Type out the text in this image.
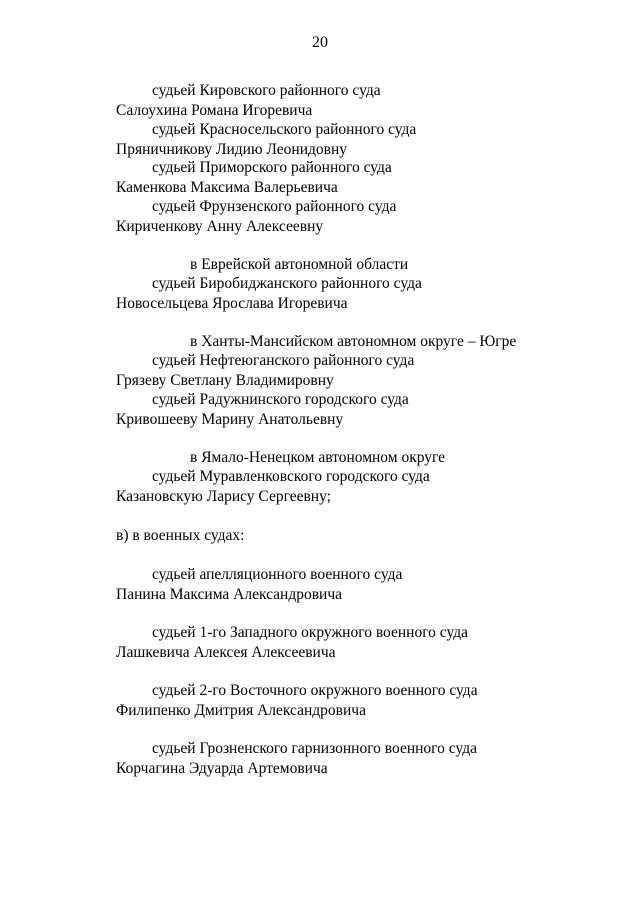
20
судьей Кировского районного суда
Салоухина Романа Игоревича
судьей Красносельского районного суда
Пряничникову Лидию Леонидовну
судьей Приморского районного суда
Каменкова Максима Валерьевича
судьей Фрунзенского районного суда
Кириченкову Анну Алексеевну
в Еврейской автономной области
судьей Биробиджанского районного суда
Новосельцева Ярослава Игоревича
в Ханты-Мансийском автономном округе – Югре
судьей Нефтеюганского районного суда
Грязеву Светлану Владимировну
судьей Радужнинского городского суда
Кривошееву Марину Анатольевну
в Ямало-Ненецком автономном округе
судьей Муравленковского городского суда
Казановскую Ларису Сергеевну;
в) в военных судах:
судьей апелляционного военного суда
Панина Максима Александровича
судьей 1-го Западного окружного военного суда
Лашкевича Алексея Алексеевича
судьей 2-го Восточного окружного военного суда
Филипенко Дмитрия Александровича
судьей Грозненского гарнизонного военного суда
Корчагина Эдуарда Артемовича
